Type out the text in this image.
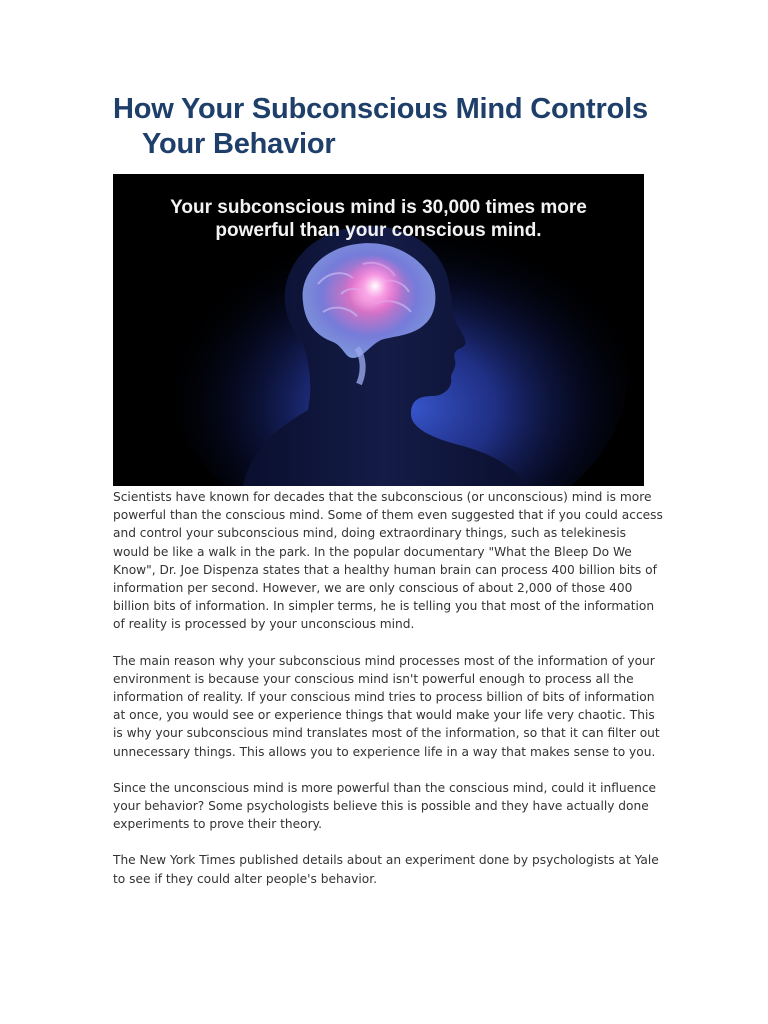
How Your Subconscious Mind Controls
Your Behavior
Your subconscious mind is 30,000 times more
powerful than your conscious mind.

Scientists have known for decades that the subconscious (or unconscious) mind is more
powerful than the conscious mind. Some of them even suggested that if you could access
and control your subconscious mind, doing extraordinary things, such as telekinesis
would be like a walk in the park. In the popular documentary "What the Bleep Do We
Know", Dr. Joe Dispenza states that a healthy human brain can process 400 billion bits of
information per second. However, we are only conscious of about 2,000 of those 400
billion bits of information. In simpler terms, he is telling you that most of the information
of reality is processed by your unconscious mind.

The main reason why your subconscious mind processes most of the information of your
environment is because your conscious mind isn't powerful enough to process all the
information of reality. If your conscious mind tries to process billion of bits of information
at once, you would see or experience things that would make your life very chaotic. This
is why your subconscious mind translates most of the information, so that it can filter out
unnecessary things. This allows you to experience life in a way that makes sense to you.

Since the unconscious mind is more powerful than the conscious mind, could it influence
your behavior? Some psychologists believe this is possible and they have actually done
experiments to prove their theory.

The New York Times published details about an experiment done by psychologists at Yale
to see if they could alter people's behavior.
